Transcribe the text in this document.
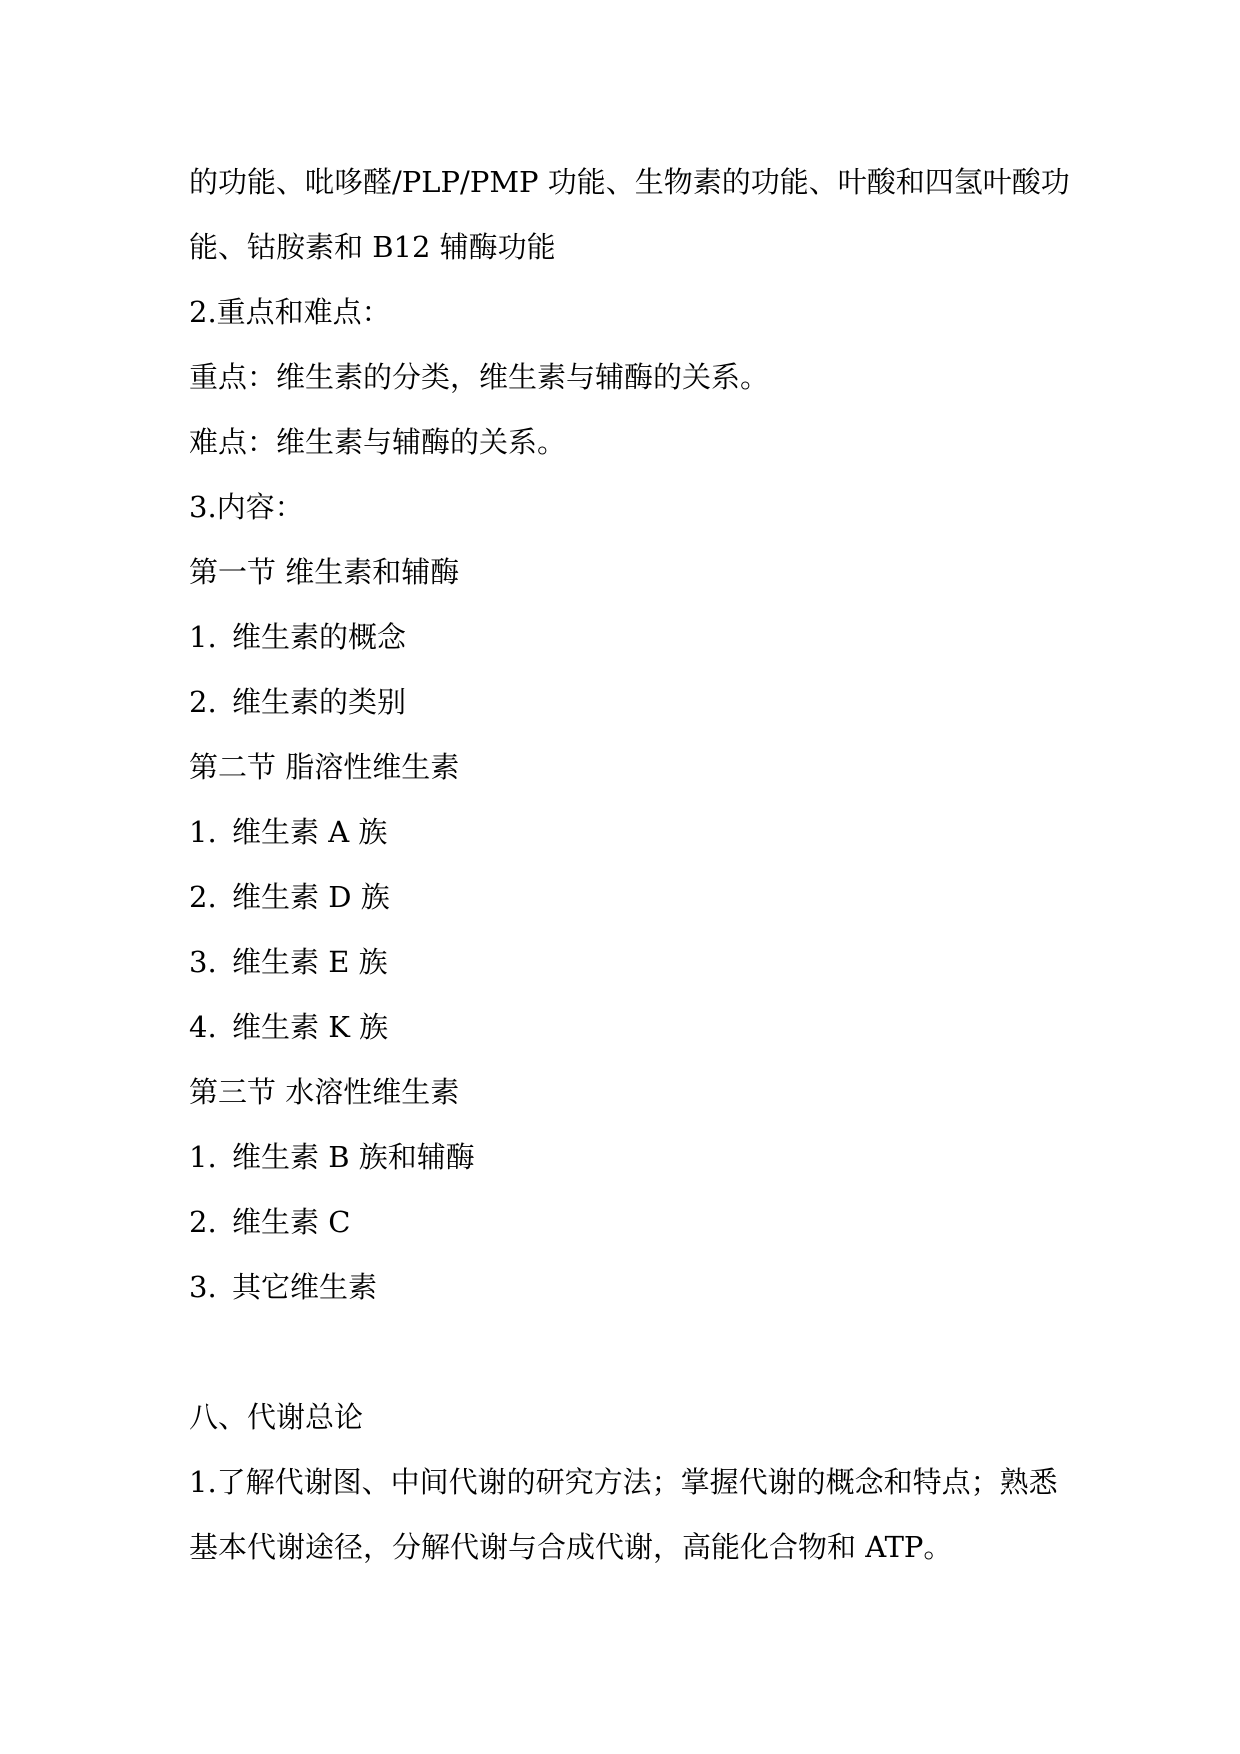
的功能、吡哆醛/PLP/PMP 功能、生物素的功能、叶酸和四氢叶酸功
能、钴胺素和 B12 辅酶功能
2.重点和难点：
重点：维生素的分类，维生素与辅酶的关系。
难点：维生素与辅酶的关系。
3.内容：
第一节 维生素和辅酶
1. 维生素的概念
2. 维生素的类别
第二节 脂溶性维生素
1. 维生素 A 族
2. 维生素 D 族
3. 维生素 E 族
4. 维生素 K 族
第三节 水溶性维生素
1. 维生素 B 族和辅酶
2. 维生素 C
3. 其它维生素
八、代谢总论
1.了解代谢图、中间代谢的研究方法；掌握代谢的概念和特点；熟悉
基本代谢途径，分解代谢与合成代谢，高能化合物和 ATP。
